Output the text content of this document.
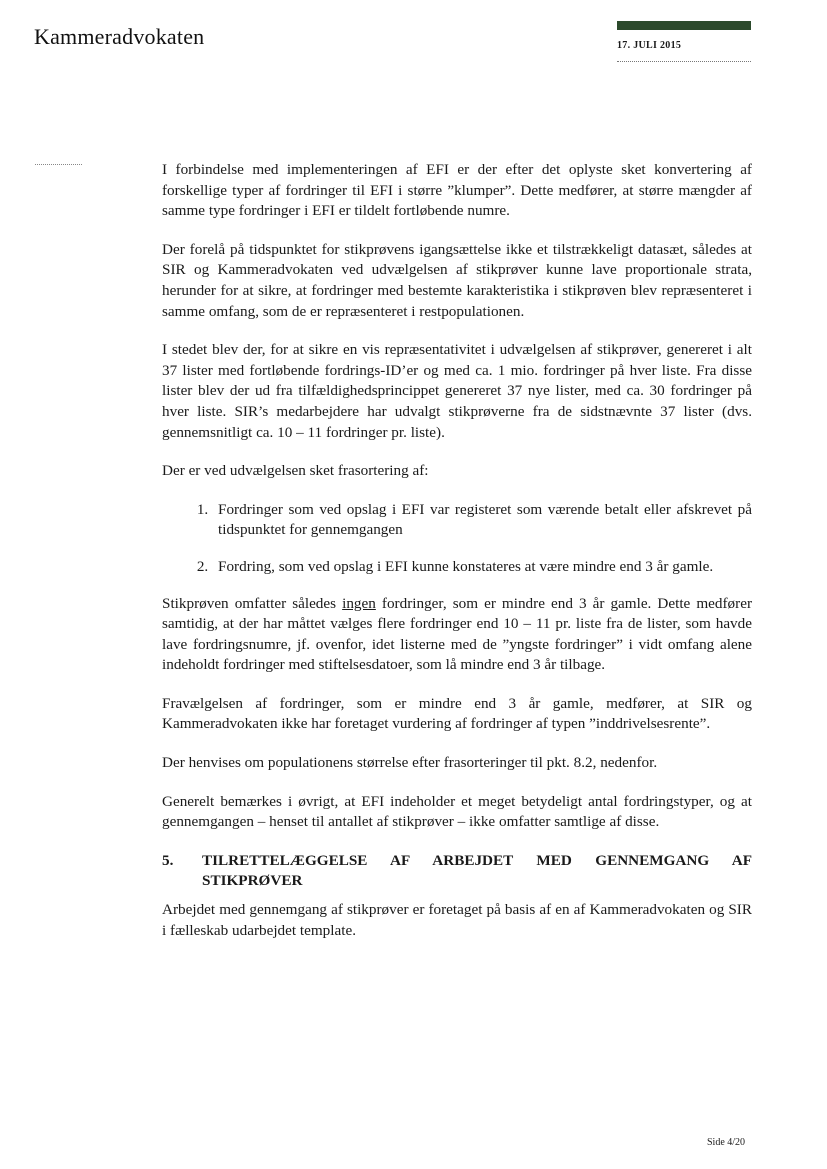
Kammeradvokaten	17. JULI 2015

I forbindelse med implementeringen af EFI er der efter det oplyste sket konvertering af forskellige typer af fordringer til EFI i større ”klumper”. Dette medfører, at større mængder af samme type fordringer i EFI er tildelt fortløbende numre.

Der forelå på tidspunktet for stikprøvens igangsættelse ikke et tilstrækkeligt datasæt, således at SIR og Kammeradvokaten ved udvælgelsen af stikprøver kunne lave proportionale strata, herunder for at sikre, at fordringer med bestemte karakteristika i stikprøven blev repræsenteret i samme omfang, som de er repræsenteret i restpopulationen.

I stedet blev der, for at sikre en vis repræsentativitet i udvælgelsen af stikprøver, genereret i alt 37 lister med fortløbende fordrings-ID’er og med ca. 1 mio. fordringer på hver liste. Fra disse lister blev der ud fra tilfældighedsprincippet genereret 37 nye lister, med ca. 30 fordringer på hver liste. SIR’s medarbejdere har udvalgt stikprøverne fra de sidstnævnte 37 lister (dvs. gennemsnitligt ca. 10 – 11 fordringer pr. liste).

Der er ved udvælgelsen sket frasortering af:

1. Fordringer som ved opslag i EFI var registeret som værende betalt eller afskrevet på tidspunktet for gennemgangen
2. Fordring, som ved opslag i EFI kunne konstateres at være mindre end 3 år gamle.

Stikprøven omfatter således ingen fordringer, som er mindre end 3 år gamle. Dette medfører samtidig, at der har måttet vælges flere fordringer end 10 – 11 pr. liste fra de lister, som havde lave fordringsnumre, jf. ovenfor, idet listerne med de ”yngste fordringer” i vidt omfang alene indeholdt fordringer med stiftelsesdatoer, som lå mindre end 3 år tilbage.

Fravælgelsen af fordringer, som er mindre end 3 år gamle, medfører, at SIR og Kammeradvokaten ikke har foretaget vurdering af fordringer af typen ”inddrivelsesrente”.

Der henvises om populationens størrelse efter frasorteringer til pkt. 8.2, nedenfor.

Generelt bemærkes i øvrigt, at EFI indeholder et meget betydeligt antal fordringstyper, og at gennemgangen – henset til antallet af stikprøver – ikke omfatter samtlige af disse.

5.	TILRETTELÆGGELSE AF ARBEJDET MED GENNEMGANG AF STIKPRØVER

Arbejdet med gennemgang af stikprøver er foretaget på basis af en af Kammeradvokaten og SIR i fælleskab udarbejdet template.

Side 4/20
